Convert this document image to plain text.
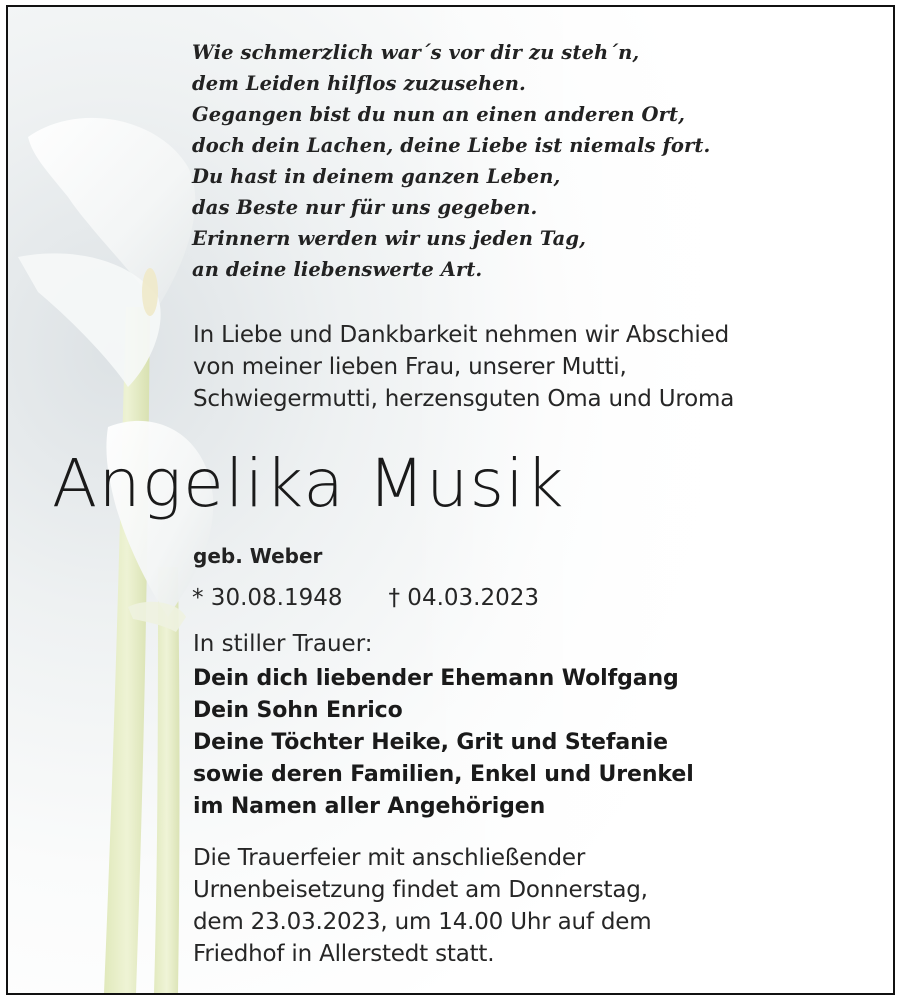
Wie schmerzlich war´s vor dir zu steh´n,
dem Leiden hilflos zuzusehen.
Gegangen bist du nun an einen anderen Ort,
doch dein Lachen, deine Liebe ist niemals fort.
Du hast in deinem ganzen Leben,
das Beste nur für uns gegeben.
Erinnern werden wir uns jeden Tag,
an deine liebenswerte Art.
In Liebe und Dankbarkeit nehmen wir Abschied
von meiner lieben Frau, unserer Mutti,
Schwiegermutti, herzensguten Oma und Uroma
Angelika Musik
geb. Weber
* 30.08.1948 † 04.03.2023
In stiller Trauer:
Dein dich liebender Ehemann Wolfgang
Dein Sohn Enrico
Deine Töchter Heike, Grit und Stefanie
sowie deren Familien, Enkel und Urenkel
im Namen aller Angehörigen
Die Trauerfeier mit anschließender
Urnenbeisetzung findet am Donnerstag,
dem 23.03.2023, um 14.00 Uhr auf dem
Friedhof in Allerstedt statt.
